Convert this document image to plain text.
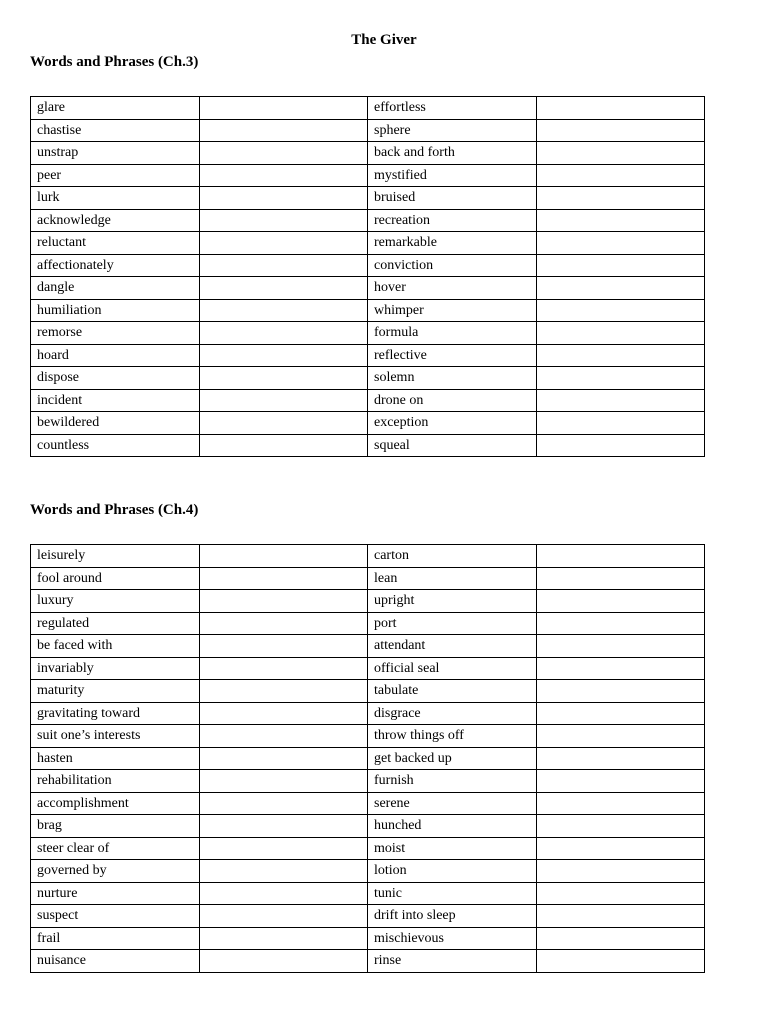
The Giver
Words and Phrases (Ch.3)
glare		effortless	
chastise		sphere	
unstrap		back and forth	
peer		mystified	
lurk		bruised	
acknowledge		recreation	
reluctant		remarkable	
affectionately		conviction	
dangle		hover	
humiliation		whimper	
remorse		formula	
hoard		reflective	
dispose		solemn	
incident		drone on	
bewildered		exception	
countless		squeal	
Words and Phrases (Ch.4)
leisurely		carton	
fool around		lean	
luxury		upright	
regulated		port	
be faced with		attendant	
invariably		official seal	
maturity		tabulate	
gravitating toward		disgrace	
suit one’s interests		throw things off	
hasten		get backed up	
rehabilitation		furnish	
accomplishment		serene	
brag		hunched	
steer clear of		moist	
governed by		lotion	
nurture		tunic	
suspect		drift into sleep	
frail		mischievous	
nuisance		rinse	
